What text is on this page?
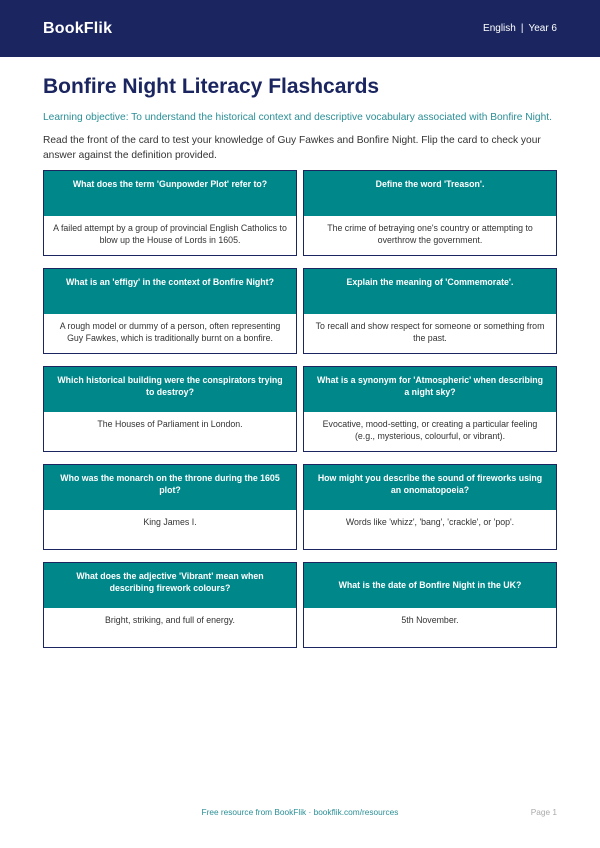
BookFlik	English | Year 6
Bonfire Night Literacy Flashcards

Learning objective: To understand the historical context and descriptive vocabulary associated with Bonfire Night.

Read the front of the card to test your knowledge of Guy Fawkes and Bonfire Night. Flip the card to check your answer against the definition provided.

What does the term 'Gunpowder Plot' refer to?
A failed attempt by a group of provincial English Catholics to blow up the House of Lords in 1605.
Define the word 'Treason'.
The crime of betraying one's country or attempting to overthrow the government.
What is an 'effigy' in the context of Bonfire Night?
A rough model or dummy of a person, often representing Guy Fawkes, which is traditionally burnt on a bonfire.
Explain the meaning of 'Commemorate'.
To recall and show respect for someone or something from the past.
Which historical building were the conspirators trying to destroy?
The Houses of Parliament in London.
What is a synonym for 'Atmospheric' when describing a night sky?
Evocative, mood-setting, or creating a particular feeling (e.g., mysterious, colourful, or vibrant).
Who was the monarch on the throne during the 1605 plot?
King James I.
How might you describe the sound of fireworks using an onomatopoeia?
Words like 'whizz', 'bang', 'crackle', or 'pop'.
What does the adjective 'Vibrant' mean when describing firework colours?
Bright, striking, and full of energy.
What is the date of Bonfire Night in the UK?
5th November.
Free resource from BookFlik · bookflik.com/resources	Page 1
